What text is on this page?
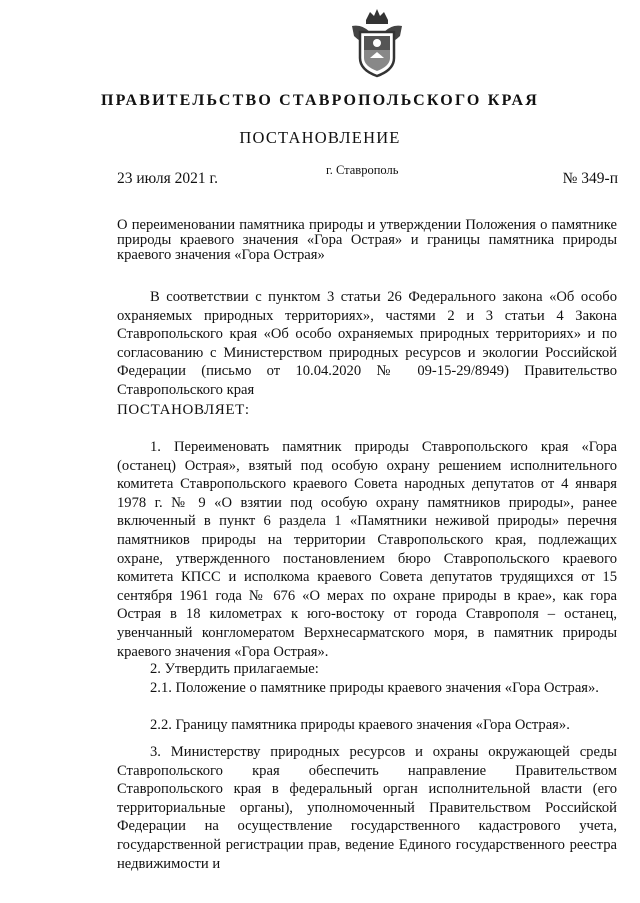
ПРАВИТЕЛЬСТВО СТАВРОПОЛЬСКОГО КРАЯ
ПОСТАНОВЛЕНИЕ
23 июля 2021 г.	г. Ставрополь	№ 349-п
О переименовании памятника природы и утверждении Положения о памятнике природы краевого значения «Гора Острая» и границы памятника природы краевого значения «Гора Острая»
В соответствии с пунктом 3 статьи 26 Федерального закона «Об особо охраняемых природных территориях», частями 2 и 3 статьи 4 Закона Ставропольского края «Об особо охраняемых природных территориях» и по согласованию с Министерством природных ресурсов и экологии Российской Федерации (письмо от 10.04.2020 № 09-15-29/8949) Правительство Ставропольского края
ПОСТАНОВЛЯЕТ:
1. Переименовать памятник природы Ставропольского края «Гора (останец) Острая», взятый под особую охрану решением исполнительного комитета Ставропольского краевого Совета народных депутатов от 4 января 1978 г. № 9 «О взятии под особую охрану памятников природы», ранее включенный в пункт 6 раздела 1 «Памятники неживой природы» перечня памятников природы на территории Ставропольского края, подлежащих охране, утвержденного постановлением бюро Ставропольского краевого комитета КПСС и исполкома краевого Совета депутатов трудящихся от 15 сентября 1961 года № 676 «О мерах по охране природы в крае», как гора Острая в 18 километрах к юго-востоку от города Ставрополя – останец, увенчанный конгломератом Верхнесарматского моря, в памятник природы краевого значения «Гора Острая».
2. Утвердить прилагаемые:
2.1. Положение о памятнике природы краевого значения «Гора Острая».
2.2. Границу памятника природы краевого значения «Гора Острая».
3. Министерству природных ресурсов и охраны окружающей среды Ставропольского края обеспечить направление Правительством Ставропольского края в федеральный орган исполнительной власти (его территориальные органы), уполномоченный Правительством Российской Федерации на осуществление государственного кадастрового учета, государственной регистрации прав, ведение Единого государственного реестра недвижимости и
